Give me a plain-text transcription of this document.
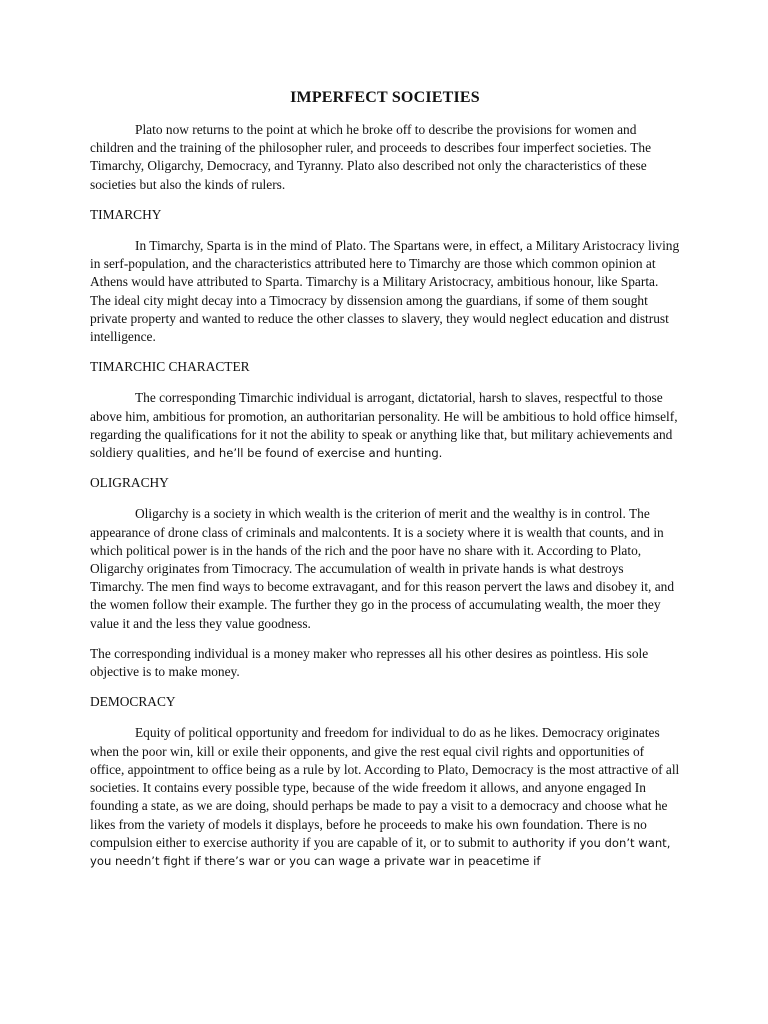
IMPERFECT SOCIETIES

Plato now returns to the point at which he broke off to describe the provisions for women and children and the training of the philosopher ruler, and proceeds to describes four imperfect societies. The Timarchy, Oligarchy, Democracy, and Tyranny. Plato also described not only the characteristics of these societies but also the kinds of rulers.

TIMARCHY

In Timarchy, Sparta is in the mind of Plato. The Spartans were, in effect, a Military Aristocracy living in serf-population, and the characteristics attributed here to Timarchy are those which common opinion at Athens would have attributed to Sparta. Timarchy is a Military Aristocracy, ambitious honour, like Sparta. The ideal city might decay into a Timocracy by dissension among the guardians, if some of them sought private property and wanted to reduce the other classes to slavery, they would neglect education and distrust intelligence.

TIMARCHIC CHARACTER

The corresponding Timarchic individual is arrogant, dictatorial, harsh to slaves, respectful to those above him, ambitious for promotion, an authoritarian personality. He will be ambitious to hold office himself, regarding the qualifications for it not the ability to speak or anything like that, but military achievements and soldiery qualities, and he’ll be found of exercise and hunting.

OLIGRACHY

Oligarchy is a society in which wealth is the criterion of merit and the wealthy is in control. The appearance of drone class of criminals and malcontents. It is a society where it is wealth that counts, and in which political power is in the hands of the rich and the poor have no share with it. According to Plato, Oligarchy originates from Timocracy. The accumulation of wealth in private hands is what destroys Timarchy. The men find ways to become extravagant, and for this reason pervert the laws and disobey it, and the women follow their example. The further they go in the process of accumulating wealth, the moer they value it and the less they value goodness.

The corresponding individual is a money maker who represses all his other desires as pointless. His sole objective is to make money.

DEMOCRACY

Equity of political opportunity and freedom for individual to do as he likes. Democracy originates when the poor win, kill or exile their opponents, and give the rest equal civil rights and opportunities of office, appointment to office being as a rule by lot. According to Plato, Democracy is the most attractive of all societies. It contains every possible type, because of the wide freedom it allows, and anyone engaged In founding a state, as we are doing, should perhaps be made to pay a visit to a democracy and choose what he likes from the variety of models it displays, before he proceeds to make his own foundation. There is no compulsion either to exercise authority if you are capable of it, or to submit to authority if you don’t want, you needn’t fight if there’s war or you can wage a private war in peacetime if
